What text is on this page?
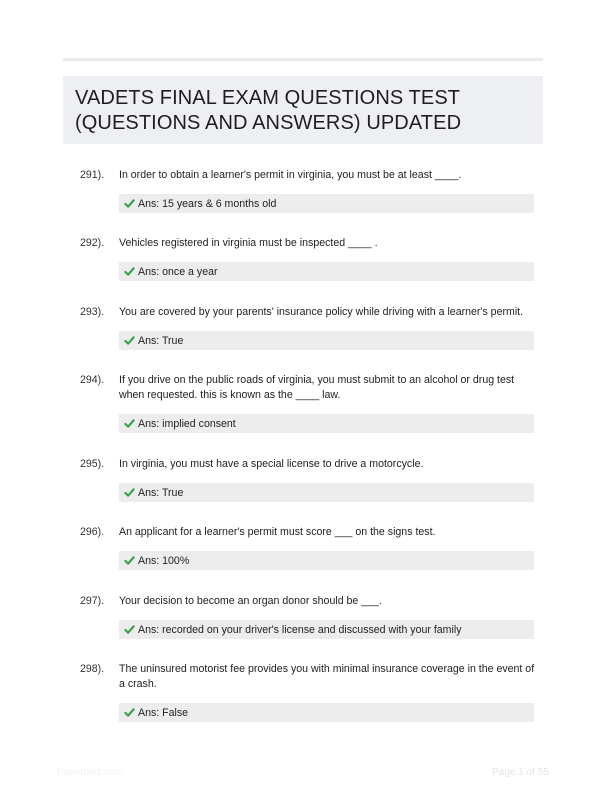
VADETS FINAL EXAM QUESTIONS TEST
(QUESTIONS AND ANSWERS) UPDATED
291).	In order to obtain a learner's permit in virginia, you must be at least ____.
Ans: 15 years & 6 months old
292).	Vehicles registered in virginia must be inspected ____ .
Ans: once a year
293).	You are covered by your parents' insurance policy while driving with a learner's permit.
Ans: True
294).	If you drive on the public roads of virginia, you must submit to an alcohol or drug test when requested. this is known as the ____ law.
Ans: implied consent
295).	In virginia, you must have a special license to drive a motorcycle.
Ans: True
296).	An applicant for a learner's permit must score ___ on the signs test.
Ans: 100%
297).	Your decision to become an organ donor should be ___.
Ans: recorded on your driver's license and discussed with your family
298).	The uninsured motorist fee provides you with minimal insurance coverage in the event of a crash.
Ans: False
Paperblitz.com	Page 1 of 55
